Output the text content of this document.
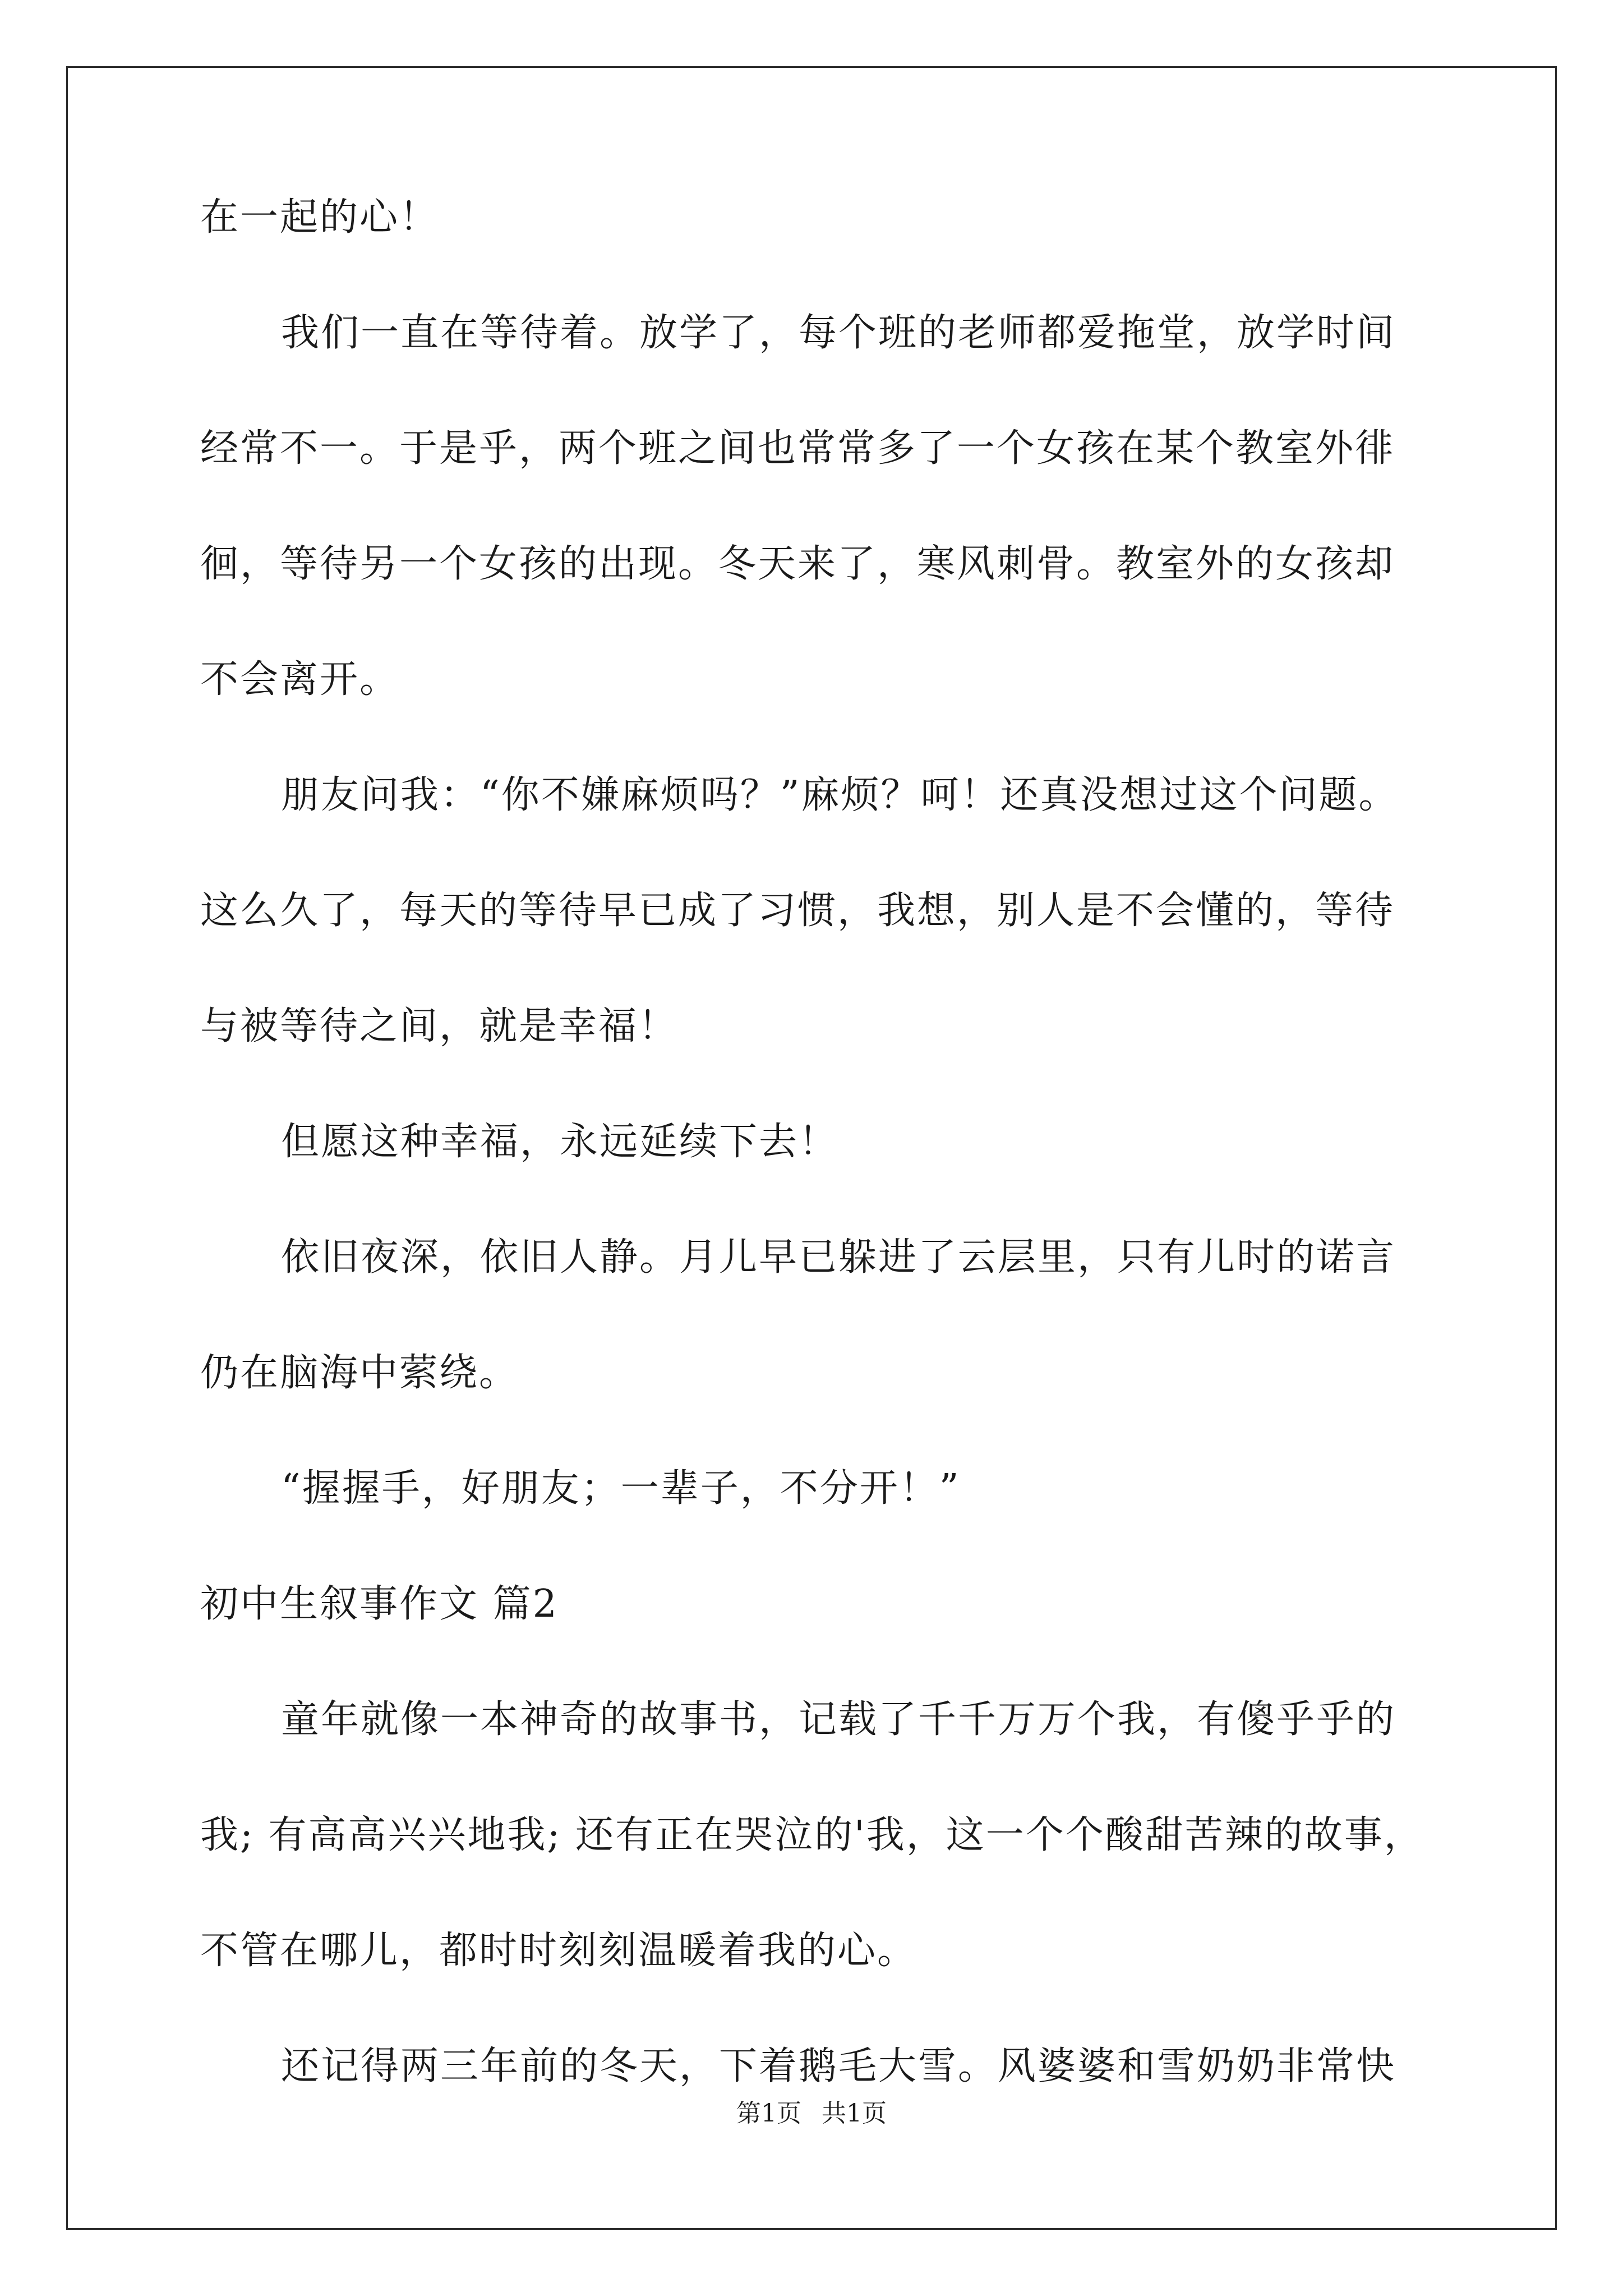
在一起的心！
我们一直在等待着。放学了，每个班的老师都爱拖堂，放学时间
经常不一。于是乎，两个班之间也常常多了一个女孩在某个教室外徘
徊，等待另一个女孩的出现。冬天来了，寒风刺骨。教室外的女孩却
不会离开。
朋友问我：“你不嫌麻烦吗？”麻烦？呵！还真没想过这个问题。
这么久了，每天的等待早已成了习惯，我想，别人是不会懂的，等待
与被等待之间，就是幸福！
但愿这种幸福，永远延续下去！
依旧夜深，依旧人静。月儿早已躲进了云层里，只有儿时的诺言
仍在脑海中萦绕。
“握握手，好朋友；一辈子，不分开！”
初中生叙事作文 篇2
童年就像一本神奇的故事书，记载了千千万万个我，有傻乎乎的
我; 有高高兴兴地我; 还有正在哭泣的'我，这一个个酸甜苦辣的故事，
不管在哪儿，都时时刻刻温暖着我的心。
还记得两三年前的冬天，下着鹅毛大雪。风婆婆和雪奶奶非常快
第1页 共1页
